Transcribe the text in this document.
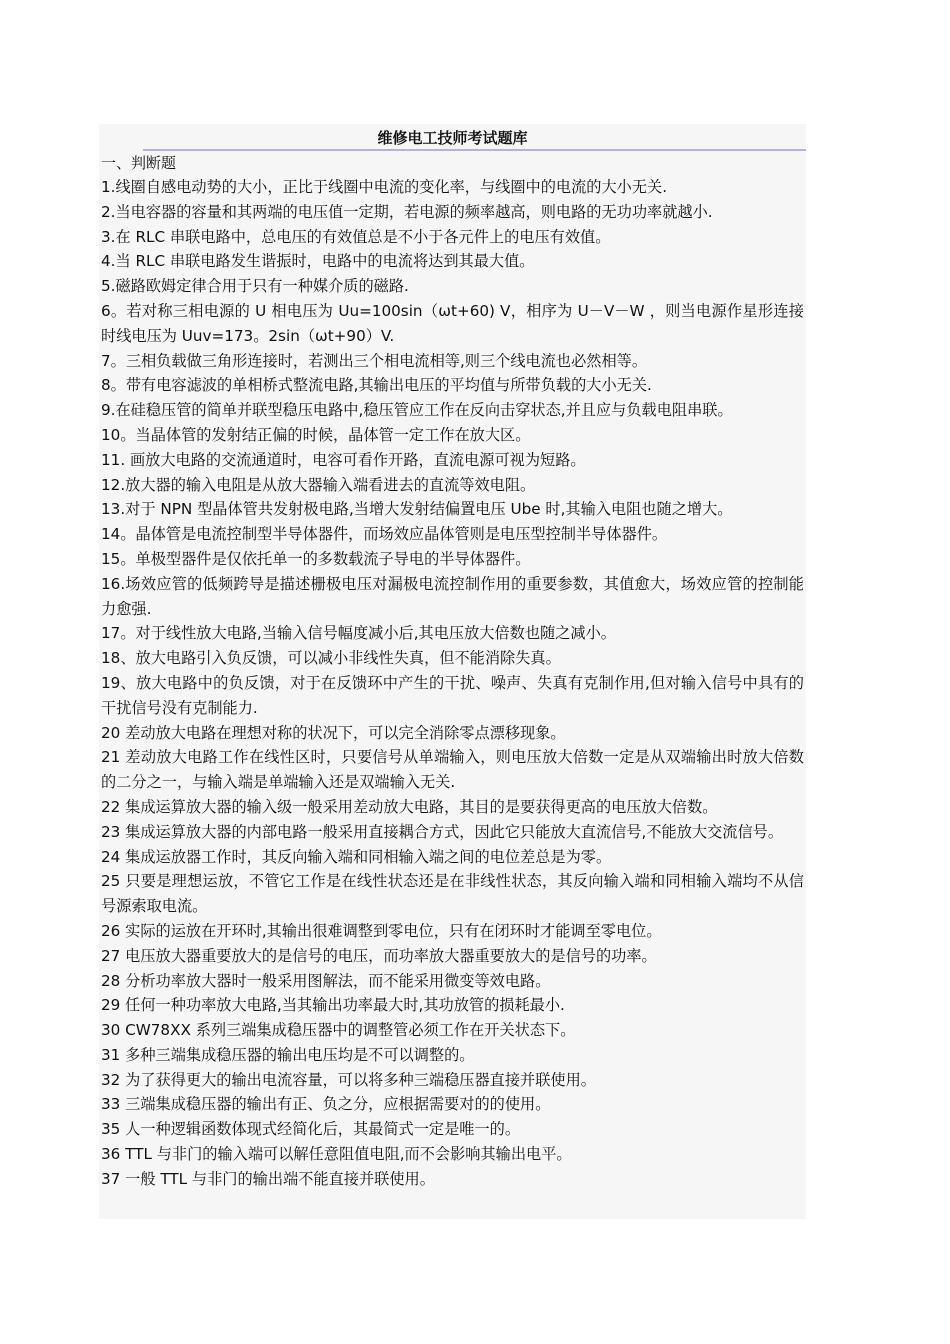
维修电工技师考试题库
一、判断题
1.线圈自感电动势的大小，正比于线圈中电流的变化率，与线圈中的电流的大小无关.
2.当电容器的容量和其两端的电压值一定期，若电源的频率越高，则电路的无功功率就越小.
3.在 RLC 串联电路中，总电压的有效值总是不小于各元件上的电压有效值。
4.当 RLC 串联电路发生谐振时，电路中的电流将达到其最大值。
5.磁路欧姆定律合用于只有一种媒介质的磁路.
6。若对称三相电源的 U 相电压为 Uu=100sin（ωt+60) V，相序为 U－V－W ，则当电源作星形连接时线电压为 Uuv=173。2sin（ωt+90）V.
7。三相负载做三角形连接时，若测出三个相电流相等,则三个线电流也必然相等。
8。带有电容滤波的单相桥式整流电路,其输出电压的平均值与所带负载的大小无关.
9.在硅稳压管的简单并联型稳压电路中,稳压管应工作在反向击穿状态,并且应与负载电阻串联。
10。当晶体管的发射结正偏的时候，晶体管一定工作在放大区。
11. 画放大电路的交流通道时，电容可看作开路，直流电源可视为短路。
12.放大器的输入电阻是从放大器输入端看进去的直流等效电阻。
13.对于 NPN 型晶体管共发射极电路,当增大发射结偏置电压 Ube 时,其输入电阻也随之增大。
14。晶体管是电流控制型半导体器件，而场效应晶体管则是电压型控制半导体器件。
15。单极型器件是仅依托单一的多数载流子导电的半导体器件。
16.场效应管的低频跨导是描述栅极电压对漏极电流控制作用的重要参数，其值愈大，场效应管的控制能力愈强.
17。对于线性放大电路,当输入信号幅度减小后,其电压放大倍数也随之减小。
18、放大电路引入负反馈，可以减小非线性失真，但不能消除失真。
19、放大电路中的负反馈，对于在反馈环中产生的干扰、噪声、失真有克制作用,但对输入信号中具有的干扰信号没有克制能力.
20 差动放大电路在理想对称的状况下，可以完全消除零点漂移现象。
21 差动放大电路工作在线性区时，只要信号从单端输入，则电压放大倍数一定是从双端输出时放大倍数的二分之一，与输入端是单端输入还是双端输入无关.
22 集成运算放大器的输入级一般采用差动放大电路，其目的是要获得更高的电压放大倍数。
23 集成运算放大器的内部电路一般采用直接耦合方式，因此它只能放大直流信号,不能放大交流信号。
24 集成运放器工作时，其反向输入端和同相输入端之间的电位差总是为零。
25 只要是理想运放，不管它工作是在线性状态还是在非线性状态，其反向输入端和同相输入端均不从信号源索取电流。
26 实际的运放在开环时,其输出很难调整到零电位，只有在闭环时才能调至零电位。
27 电压放大器重要放大的是信号的电压，而功率放大器重要放大的是信号的功率。
28 分析功率放大器时一般采用图解法，而不能采用微变等效电路。
29 任何一种功率放大电路,当其输出功率最大时,其功放管的损耗最小.
30 CW78XX 系列三端集成稳压器中的调整管必须工作在开关状态下。
31 多种三端集成稳压器的输出电压均是不可以调整的。
32 为了获得更大的输出电流容量，可以将多种三端稳压器直接并联使用。
33 三端集成稳压器的输出有正、负之分，应根据需要对的的使用。
35 人一种逻辑函数体现式经简化后，其最简式一定是唯一的。
36 TTL 与非门的输入端可以解任意阻值电阻,而不会影响其输出电平。
37 一般 TTL 与非门的输出端不能直接并联使用。
